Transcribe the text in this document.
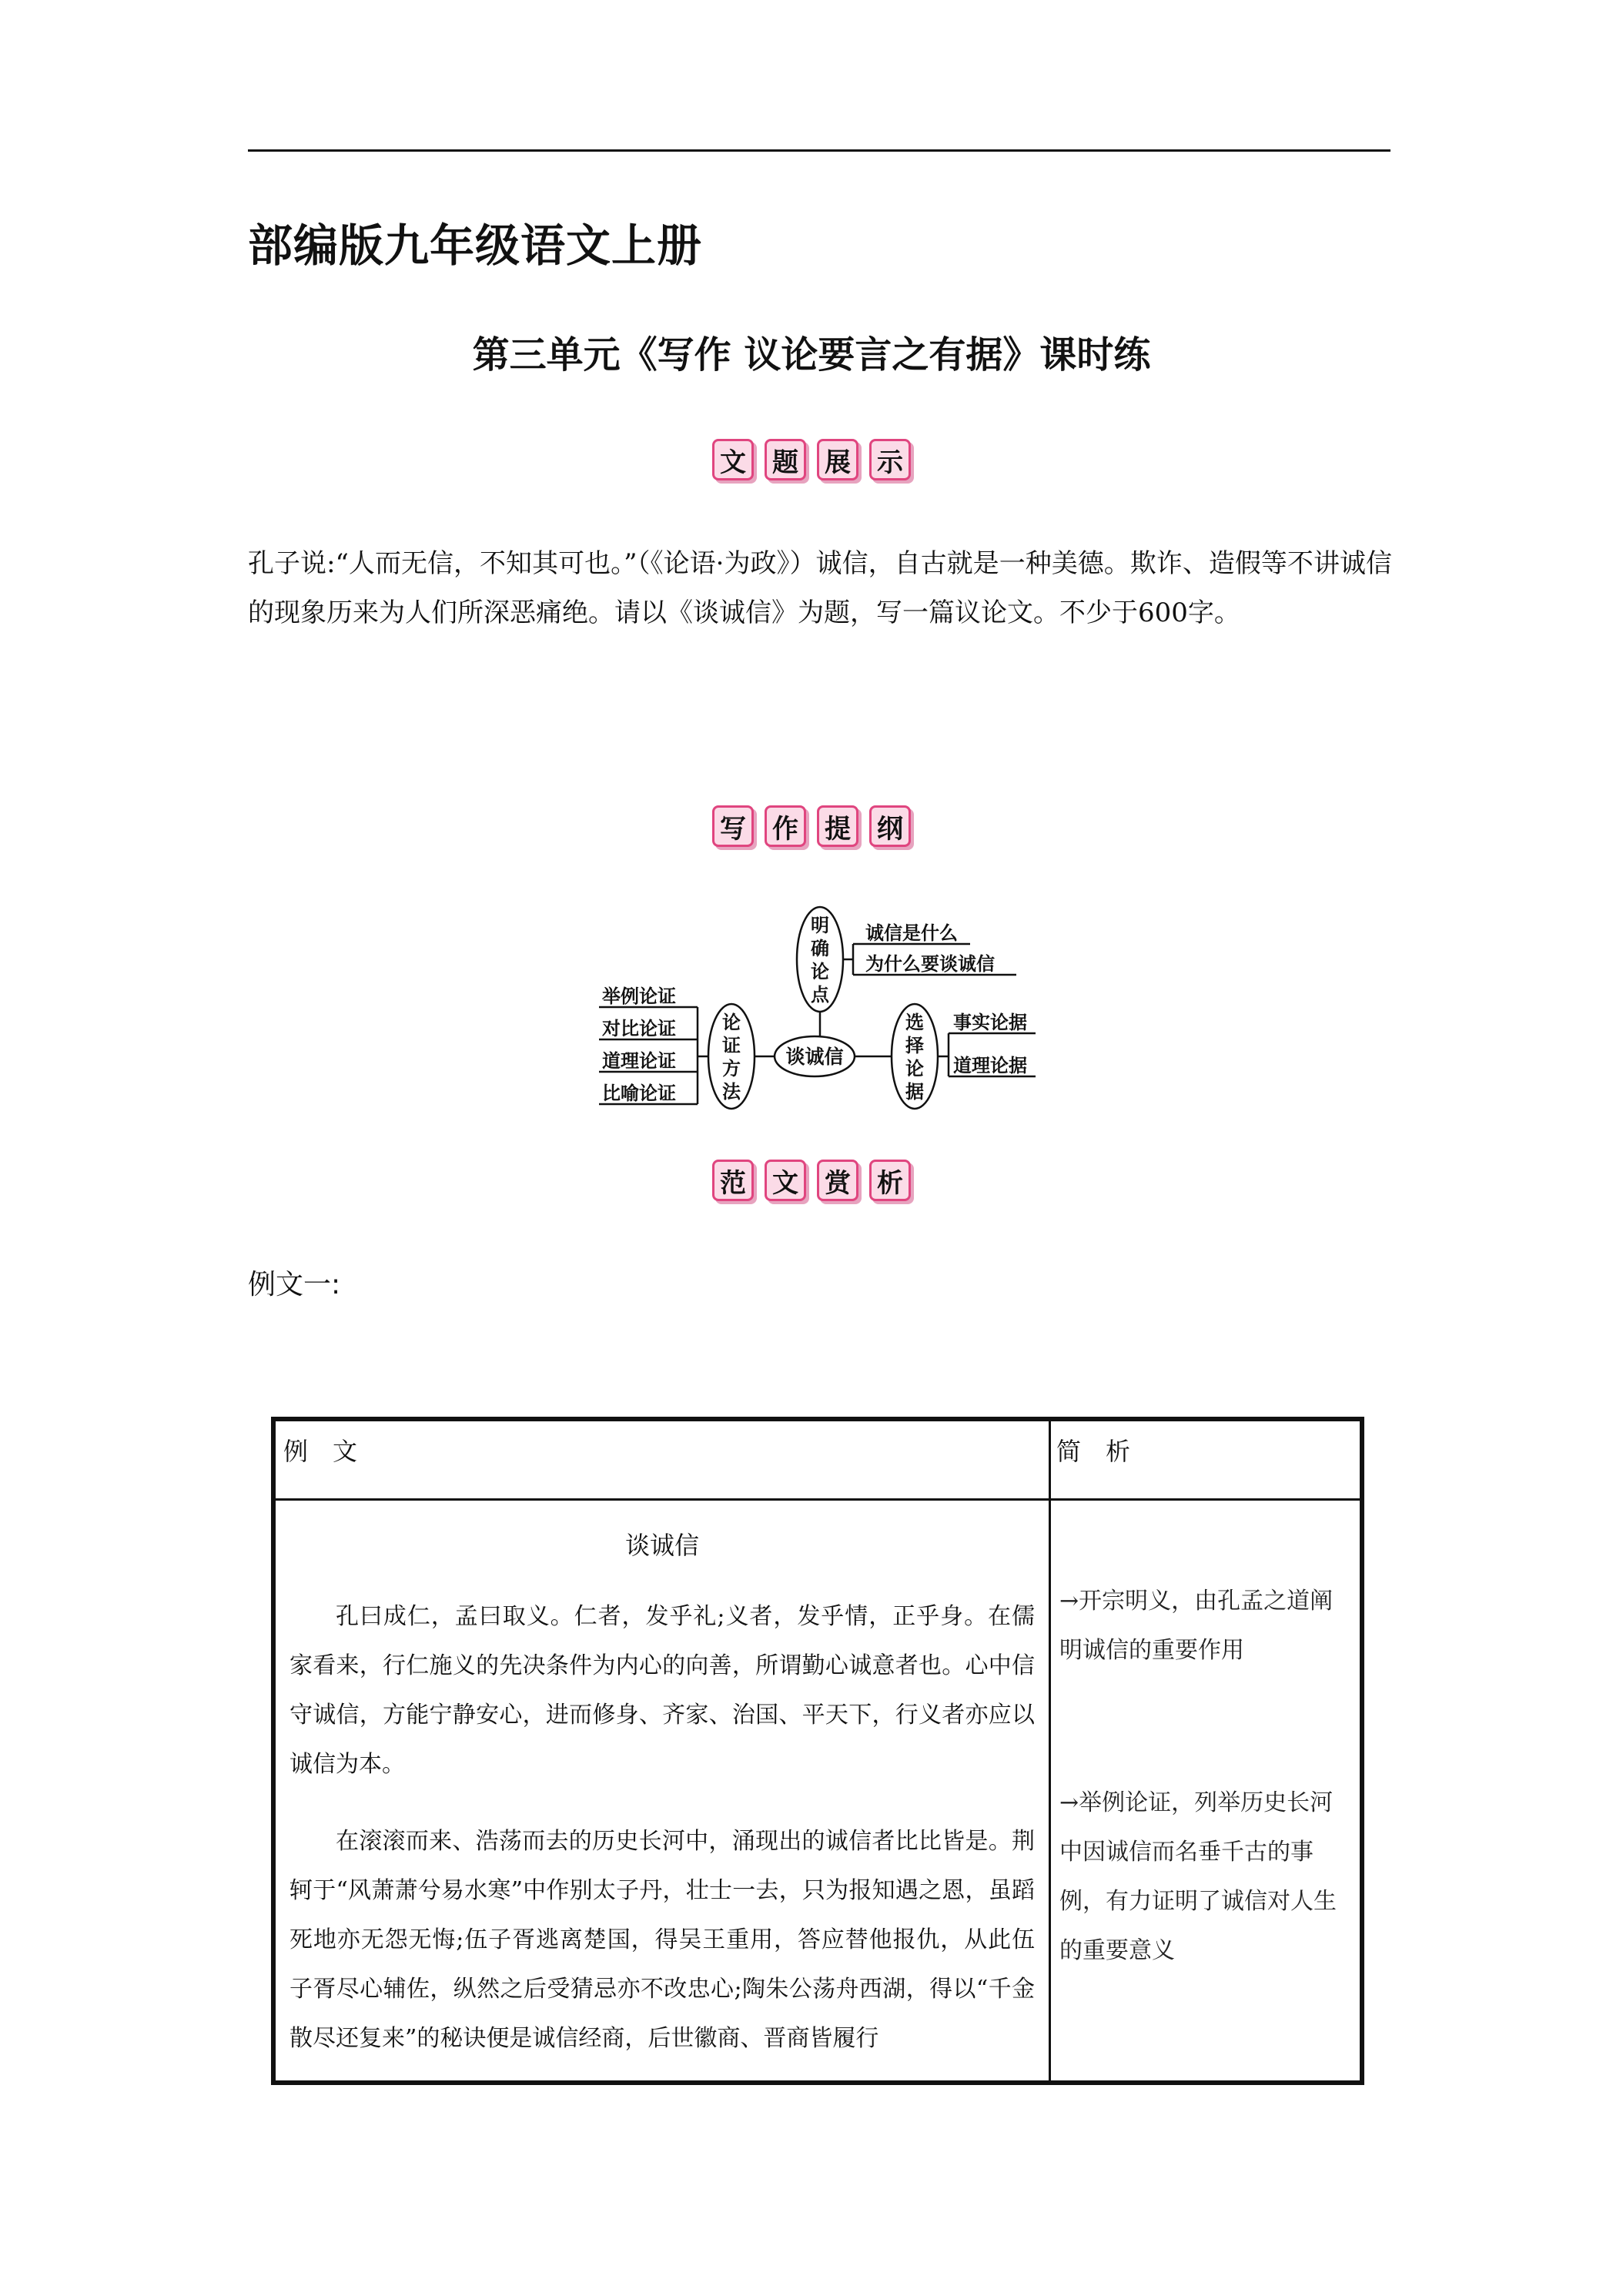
部编版九年级语文上册
第三单元《写作 议论要言之有据》课时练
文 题 展 示

孔子说:“人而无信，不知其可也。”（《论语·为政》）诚信，自古就是一种美德。欺诈、造假等不讲诚信的现象历来为人们所深恶痛绝。请以《谈诚信》为题，写一篇议论文。不少于600字。

写 作 提 纲
谈诚信
明
确
论
点
诚信是什么
为什么要谈诚信
论
证
方
法
举例论证
对比论证
道理论证
比喻论证
选
择
论
据
事实论据
道理论据
范 文 赏 析
例文一:
例　文	简　析
谈诚信

孔曰成仁，孟曰取义。仁者，发乎礼;义者，发乎情，正乎身。在儒家看来，行仁施义的先决条件为内心的向善，所谓勤心诚意者也。心中信守诚信，方能宁静安心，进而修身、齐家、治国、平天下，行义者亦应以诚信为本。

在滚滚而来、浩荡而去的历史长河中，涌现出的诚信者比比皆是。荆轲于“风萧萧兮易水寒”中作别太子丹，壮士一去，只为报知遇之恩，虽蹈死地亦无怨无悔;伍子胥逃离楚国，得吴王重用，答应替他报仇，从此伍子胥尽心辅佐，纵然之后受猜忌亦不改忠心;陶朱公荡舟西湖，得以“千金散尽还复来”的秘诀便是诚信经商，后世徽商、晋商皆履行

→开宗明义，由孔孟之道阐明诚信的重要作用

→举例论证，列举历史长河中因诚信而名垂千古的事例，有力证明了诚信对人生的重要意义
